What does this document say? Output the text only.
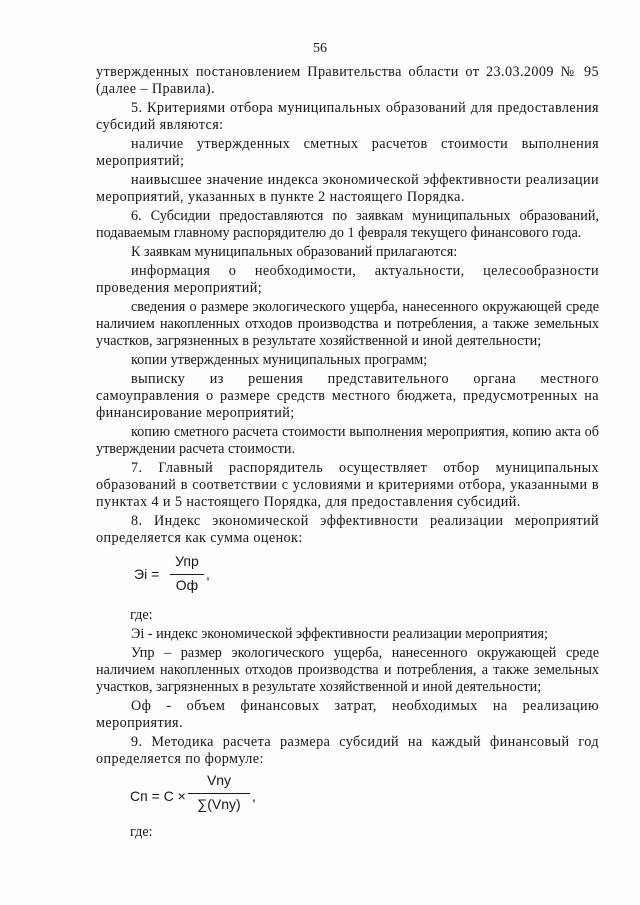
56

утвержденных постановлением Правительства области от 23.03.2009 № 95 (далее – Правила).

5. Критериями отбора муниципальных образований для предоставления субсидий являются:

наличие утвержденных сметных расчетов стоимости выполнения мероприятий;

наивысшее значение индекса экономической эффективности реализации мероприятий, указанных в пункте 2 настоящего Порядка.

6. Субсидии предоставляются по заявкам муниципальных образований, подаваемым главному распорядителю до 1 февраля текущего финансового года.

К заявкам муниципальных образований прилагаются:

информация о необходимости, актуальности, целесообразности проведения мероприятий;

сведения о размере экологического ущерба, нанесенного окружающей среде наличием накопленных отходов производства и потребления, а также земельных участков, загрязненных в результате хозяйственной и иной деятельности;

копии утвержденных муниципальных программ;

выписку из решения представительного органа местного самоуправления о размере средств местного бюджета, предусмотренных на финансирование мероприятий;

копию сметного расчета стоимости выполнения мероприятия, копию акта об утверждении расчета стоимости.

7. Главный распорядитель осуществляет отбор муниципальных образований в соответствии с условиями и критериями отбора, указанными в пунктах 4 и 5 настоящего Порядка, для предоставления субсидий.

8. Индекс экономической эффективности реализации мероприятий определяется как сумма оценок:

Эi =
Упр
Оф
,

где:

Эi - индекс экономической эффективности реализации мероприятия;

Упр – размер экологического ущерба, нанесенного окружающей среде наличием накопленных отходов производства и потребления, а также земельных участков, загрязненных в результате хозяйственной и иной деятельности;

Оф - объем финансовых затрат, необходимых на реализацию мероприятия.

9. Методика расчета размера субсидий на каждый финансовый год определяется по формуле:

Сп = С ×
Vny
∑(Vny) ,

где:
